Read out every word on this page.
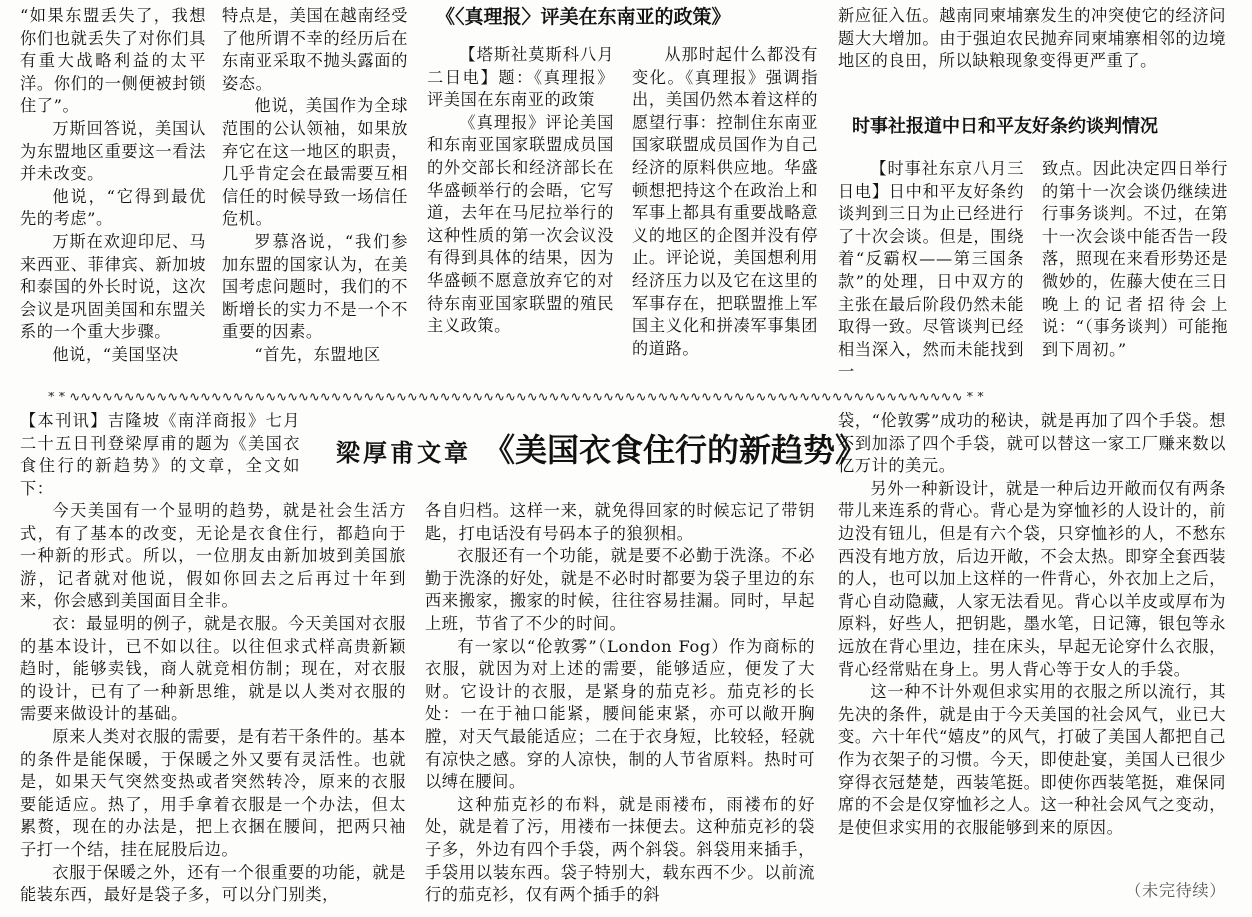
“如果东盟丢失了，我想你们也就丢失了对你们具有重大战略利益的太平洋。你们的一侧便被封锁住了”。

万斯回答说，美国认为东盟地区重要这一看法并未改变。

他说，“它得到最优先的考虑”。

万斯在欢迎印尼、马来西亚、菲律宾、新加坡和泰国的外长时说，这次会议是巩固美国和东盟关系的一个重大步骤。

他说，“美国坚决

特点是，美国在越南经受了他所谓不幸的经历后在东南亚采取不抛头露面的姿态。

他说，美国作为全球范围的公认领袖，如果放弃它在这一地区的职责，几乎肯定会在最需要互相信任的时候导致一场信任危机。

罗慕洛说，“我们参加东盟的国家认为，在美国考虑问题时，我们的不断增长的实力不是一个不重要的因素。

“首先，东盟地区

《〈真理报〉评美在东南亚的政策》

【塔斯社莫斯科八月二日电】题：《真理报》评美国在东南亚的政策

《真理报》评论美国和东南亚国家联盟成员国的外交部长和经济部长在华盛顿举行的会晤，它写道，去年在马尼拉举行的这种性质的第一次会议没有得到具体的结果，因为华盛顿不愿意放弃它的对待东南亚国家联盟的殖民主义政策。

从那时起什么都没有变化。《真理报》强调指出，美国仍然本着这样的愿望行事：控制住东南亚国家联盟成员国作为自己经济的原料供应地。华盛顿想把持这个在政治上和军事上都具有重要战略意义的地区的企图并没有停止。评论说，美国想利用经济压力以及它在这里的军事存在，把联盟推上军国主义化和拼凑军事集团的道路。

新应征入伍。越南同柬埔寨发生的冲突使它的经济问题大大增加。由于强迫农民抛弃同柬埔寨相邻的边境地区的良田，所以缺粮现象变得更严重了。

时事社报道中日和平友好条约谈判情况

【时事社东京八月三日电】日中和平友好条约谈判到三日为止已经进行了十次会谈。但是，围绕着“反霸权——第三国条款”的处理，日中双方的主张在最后阶段仍然未能取得一致。尽管谈判已经相当深入，然而未能找到一

致点。因此决定四日举行的第十一次会谈仍继续进行事务谈判。不过，在第十一次会谈中能否告一段落，照现在来看形势还是微妙的，佐藤大使在三日晚上的记者招待会上说：“（事务谈判）可能拖到下周初。”

* * ∿∿∿∿∿∿∿∿∿∿∿∿∿∿∿∿∿∿∿∿∿∿∿∿∿∿∿∿∿∿∿∿∿∿∿∿∿∿∿∿∿∿∿∿∿∿∿∿∿∿∿∿∿∿∿∿∿∿∿∿∿∿∿∿∿∿∿∿∿∿∿∿∿∿∿∿∿∿∿∿∿∿ * *

【本刊讯】吉隆坡《南洋商报》七月二十五日刊登梁厚甫的题为《美国衣食住行的新趋势》的文章，全文如下：

梁厚甫文章 《美国衣食住行的新趋势》

今天美国有一个显明的趋势，就是社会生活方式，有了基本的改变，无论是衣食住行，都趋向于一种新的形式。所以，一位朋友由新加坡到美国旅游，记者就对他说，假如你回去之后再过十年到来，你会感到美国面目全非。

衣：最显明的例子，就是衣服。今天美国对衣服的基本设计，已不如以往。以往但求式样高贵新颖趋时，能够卖钱，商人就竞相仿制；现在，对衣服的设计，已有了一种新思维，就是以人类对衣服的需要来做设计的基础。

原来人类对衣服的需要，是有若干条件的。基本的条件是能保暖，于保暖之外又要有灵活性。也就是，如果天气突然变热或者突然转冷，原来的衣服要能适应。热了，用手拿着衣服是一个办法，但太累赘，现在的办法是，把上衣捆在腰间，把两只袖子打一个结，挂在屁股后边。

衣服于保暖之外，还有一个很重要的功能，就是能装东西，最好是袋子多，可以分门别类，

各自归档。这样一来，就免得回家的时候忘记了带钥匙，打电话没有号码本子的狼狈相。

衣服还有一个功能，就是要不必勤于洗涤。不必勤于洗涤的好处，就是不必时时都要为袋子里边的东西来搬家，搬家的时候，往往容易挂漏。同时，早起上班，节省了不少的时间。

有一家以“伦敦雾”（London Fog）作为商标的衣服，就因为对上述的需要，能够适应，便发了大财。它设计的衣服，是紧身的茄克衫。茄克衫的长处：一在于袖口能紧，腰间能束紧，亦可以敞开胸膛，对天气最能适应；二在于衣身短，比较轻，轻就有凉快之感。穿的人凉快，制的人节省原料。热时可以缚在腰间。

这种茄克衫的布料，就是雨褛布，雨褛布的好处，就是着了污，用褛布一抹便去。这种茄克衫的袋子多，外边有四个手袋，两个斜袋。斜袋用来插手，手袋用以装东西。袋子特别大，载东西不少。以前流行的茄克衫，仅有两个插手的斜

袋，“伦敦雾”成功的秘诀，就是再加了四个手袋。想不到加添了四个手袋，就可以替这一家工厂赚来数以亿万计的美元。

另外一种新设计，就是一种后边开敞而仅有两条带儿来连系的背心。背心是为穿恤衫的人设计的，前边没有钮儿，但是有六个袋，只穿恤衫的人，不愁东西没有地方放，后边开敞，不会太热。即穿全套西装的人，也可以加上这样的一件背心，外衣加上之后，背心自动隐藏，人家无法看见。背心以羊皮或厚布为原料，好些人，把钥匙，墨水笔，日记簿，银包等永远放在背心里边，挂在床头，早起无论穿什么衣服，背心经常贴在身上。男人背心等于女人的手袋。

这一种不计外观但求实用的衣服之所以流行，其先决的条件，就是由于今天美国的社会风气，业已大变。六十年代“嬉皮”的风气，打破了美国人都把自己作为衣架子的习惯。今天，即使赴宴，美国人已很少穿得衣冠楚楚，西装笔挺。即使你西装笔挺，难保同席的不会是仅穿恤衫之人。这一种社会风气之变动，是使但求实用的衣服能够到来的原因。

（未完待续）
